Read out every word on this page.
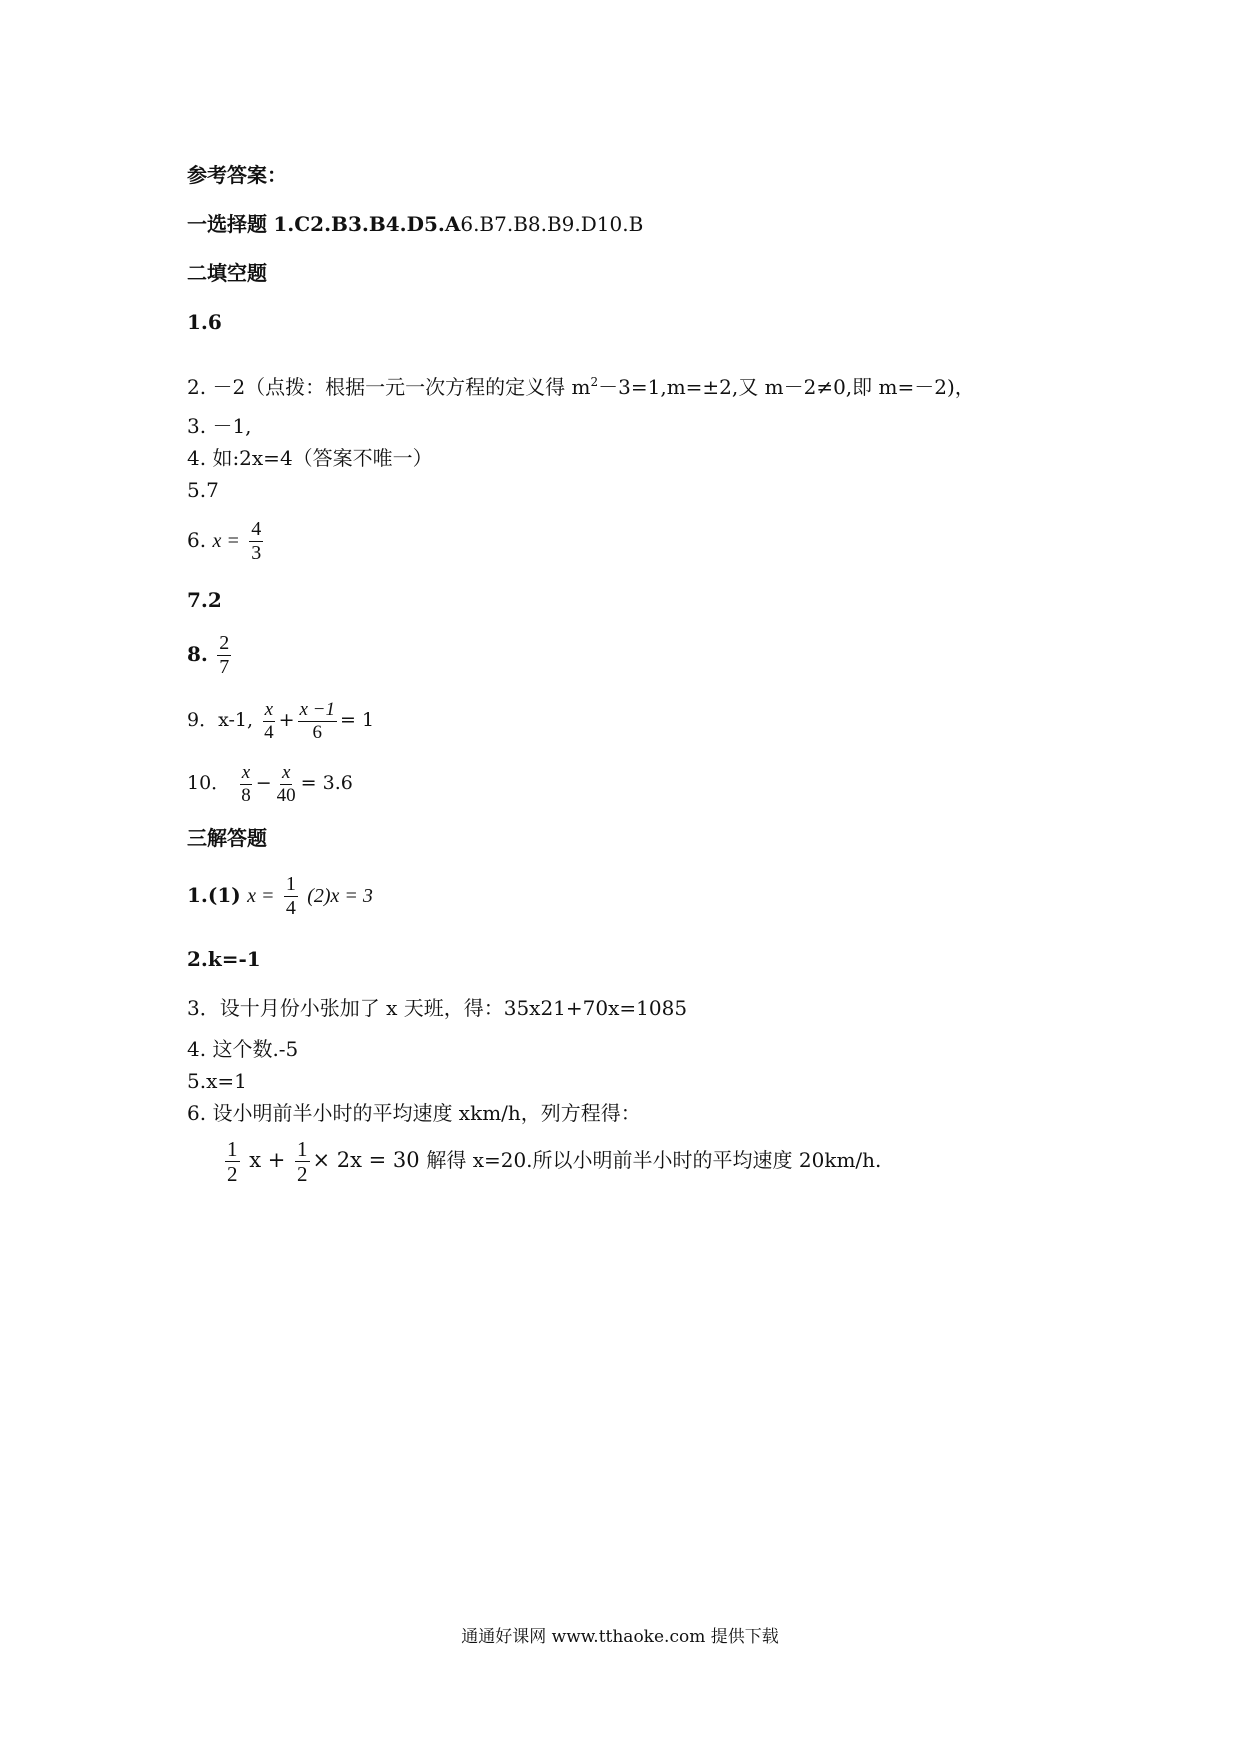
参考答案：
一选择题 1.C2.B3.B4.D5.A6.B7.B8.B9.D10.B
二填空题
1.6
2. －2（点拨：根据一元一次方程的定义得 $m^2-3=1,m=\pm 2$,又 m－2≠0,即 m=－2)，
3. －1,
4. 如:2x=4（答案不唯一）
5.7
6. $x = \frac{4}{3}$
7.2
8. $\frac{2}{7}$
9．x-1, $\frac{x}{4} + \frac{x -1}{6} = 1$
10． $\frac{x}{8} - \frac{x}{40} = 3.6$
三解答题
1.(1) $x = \frac{1}{4} (2)x = 3$
2.k=-1
3．设十月份小张加了 x 天班，得：35x21+70x=1085
4. 这个数.-5
5.x=1
6. 设小明前半小时的平均速度 xkm/h，列方程得：
$\frac{1}{2}$ $x + \frac{1}{2} \times 2x = 30$ 解得 x=20.所以小明前半小时的平均速度 20km/h.
通通好课网 www.tthaoke.com 提供下载
